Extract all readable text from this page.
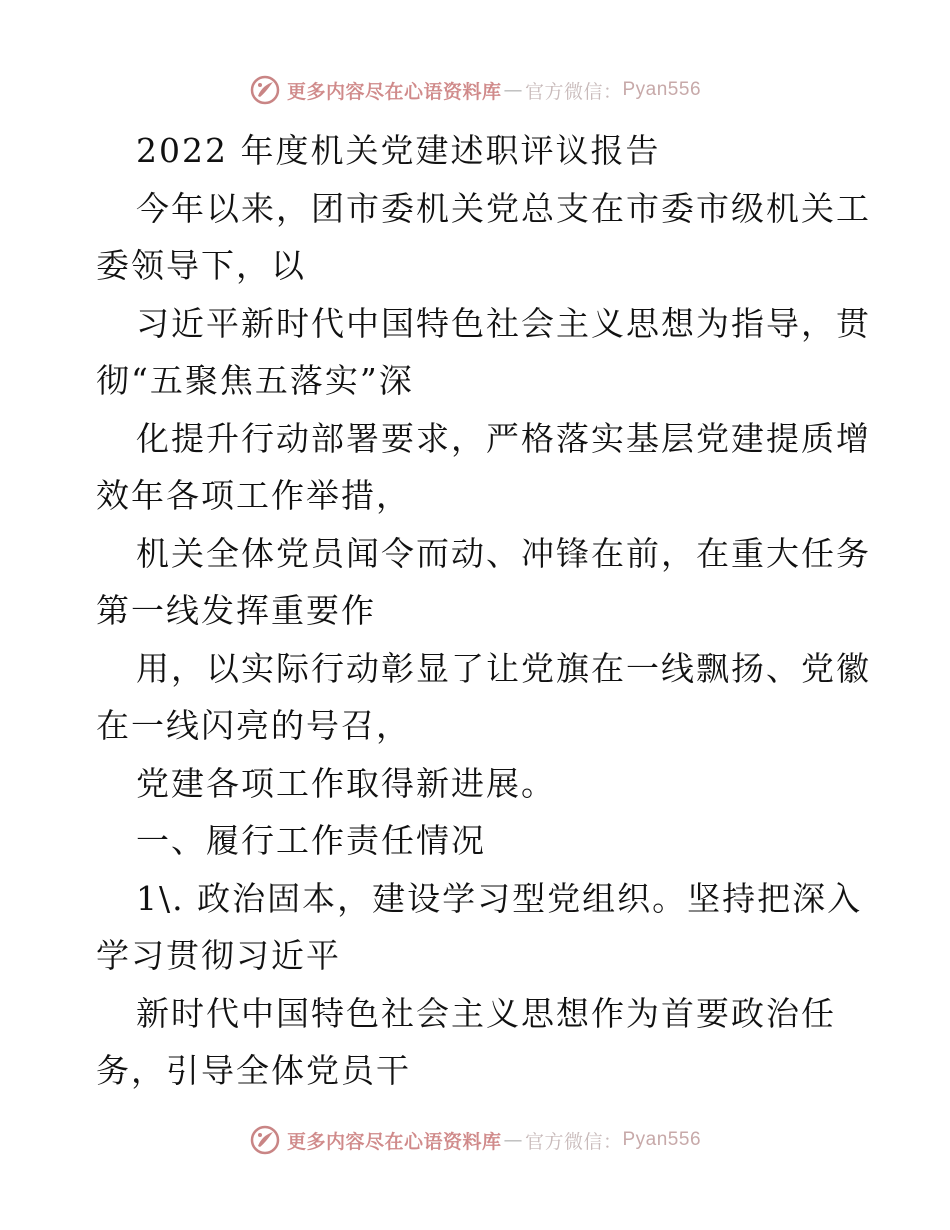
更多内容尽在心语资料库 — 官方微信： Pyan556
2022 年度机关党建述职评议报告
今年以来，团市委机关党总支在市委市级机关工
委领导下，以
习近平新时代中国特色社会主义思想为指导，贯
彻“五聚焦五落实”深
化提升行动部署要求，严格落实基层党建提质增
效年各项工作举措，
机关全体党员闻令而动、冲锋在前，在重大任务
第一线发挥重要作
用，以实际行动彰显了让党旗在一线飘扬、党徽
在一线闪亮的号召，
党建各项工作取得新进展。
一、履行工作责任情况
1\. 政治固本，建设学习型党组织。坚持把深入
学习贯彻习近平
新时代中国特色社会主义思想作为首要政治任
务，引导全体党员干
更多内容尽在心语资料库 — 官方微信： Pyan556
